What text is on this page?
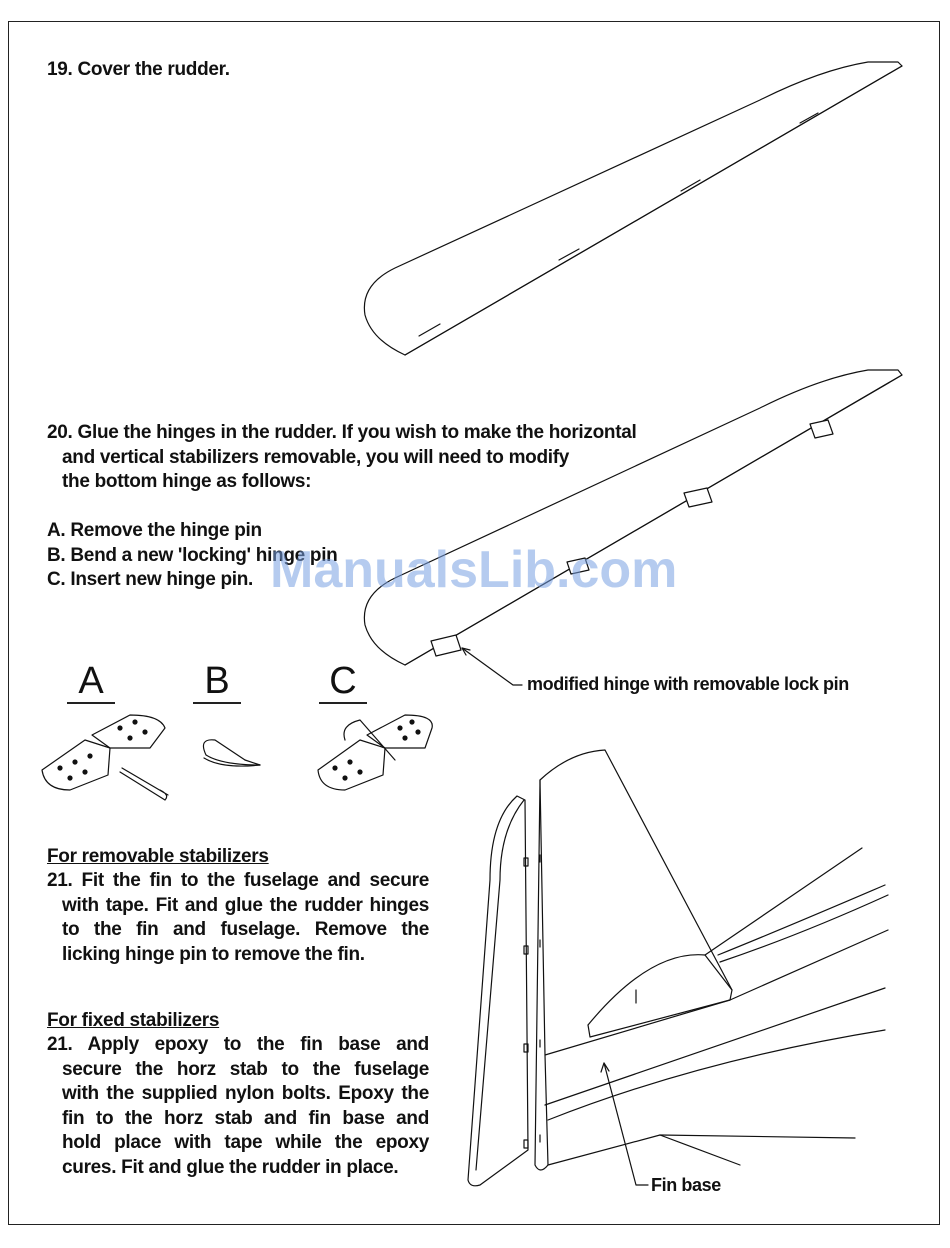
19. Cover the rudder.
20. Glue the hinges in the rudder. If you wish to make the horizontal
and vertical stabilizers removable, you will need to modify
the bottom hinge as follows:
A. Remove the hinge pin
B. Bend a new 'locking' hinge pin
C. Insert new hinge pin.
A	B	C	modified hinge with removable lock pin
Fin base
For removable stabilizers
21. Fit the fin to the fuselage and secure
with tape. Fit and glue the rudder hinges
to the fin and fuselage. Remove the
licking hinge pin to remove the fin.
For fixed stabilizers
21. Apply epoxy to the fin base and
secure the horz stab to the fuselage
with the supplied nylon bolts. Epoxy the
fin to the horz stab and fin base and
hold place with tape while the epoxy
cures. Fit and glue the rudder in place.
ManualsLib.com
